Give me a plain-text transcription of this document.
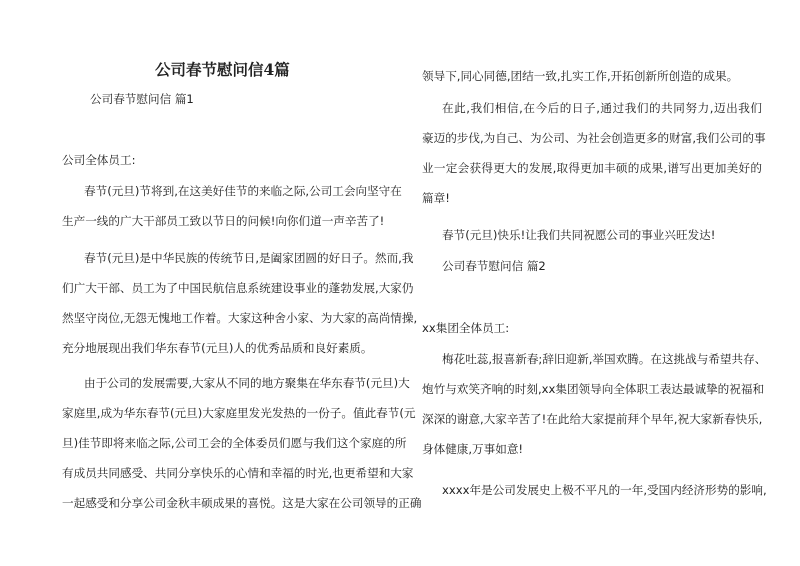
公司春节慰问信4篇
公司春节慰问信 篇1
公司全体员工:
春节(元旦)节将到,在这美好佳节的来临之际,公司工会向坚守在
生产一线的广大干部员工致以节日的问候!向你们道一声辛苦了!
春节(元旦)是中华民族的传统节日,是阖家团圆的好日子。然而,我
们广大干部、员工为了中国民航信息系统建设事业的蓬勃发展,大家仍
然坚守岗位,无怨无愧地工作着。大家这种舍小家、为大家的高尚情操,
充分地展现出我们华东春节(元旦)人的优秀品质和良好素质。
由于公司的发展需要,大家从不同的地方聚集在华东春节(元旦)大
家庭里,成为华东春节(元旦)大家庭里发光发热的一份子。值此春节(元
旦)佳节即将来临之际,公司工会的全体委员们愿与我们这个家庭的所
有成员共同感受、共同分享快乐的心情和幸福的时光,也更希望和大家
一起感受和分享公司金秋丰硕成果的喜悦。这是大家在公司领导的正确
领导下,同心同德,团结一致,扎实工作,开拓创新所创造的成果。
在此,我们相信,在今后的日子,通过我们的共同努力,迈出我们
豪迈的步伐,为自己、为公司、为社会创造更多的财富,我们公司的事
业一定会获得更大的发展,取得更加丰硕的成果,谱写出更加美好的
篇章!
春节(元旦)快乐!让我们共同祝愿公司的事业兴旺发达!
公司春节慰问信 篇2
xx集团全体员工:
梅花吐蕊,报喜新春;辞旧迎新,举国欢腾。在这挑战与希望共存、
炮竹与欢笑齐响的时刻,xx集团领导向全体职工表达最诚挚的祝福和
深深的谢意,大家辛苦了!在此给大家提前拜个早年,祝大家新春快乐,
身体健康,万事如意!
xxxx年是公司发展史上极不平凡的一年,受国内经济形势的影响,
